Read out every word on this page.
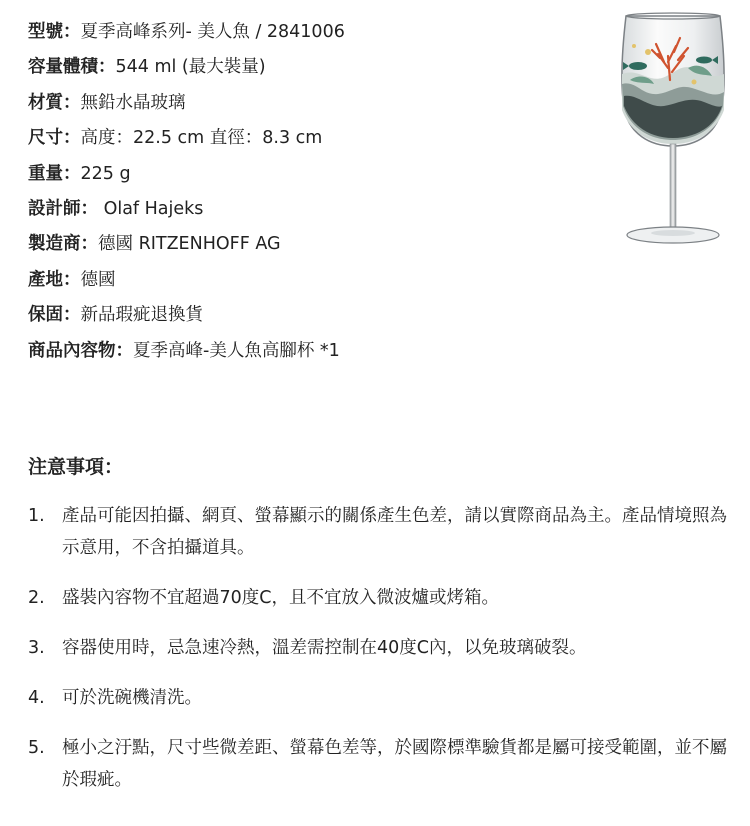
型號：夏季高峰系列- 美人魚 / 2841006
容量體積：544 ml (最大裝量)
材質：無鉛水晶玻璃
尺寸：高度：22.5 cm 直徑：8.3 cm
重量：225 g
設計師： Olaf Hajeks
製造商：德國 RITZENHOFF AG
產地：德國
保固：新品瑕疵退換貨
商品內容物：夏季高峰-美人魚高腳杯 *1
注意事項：
1. 產品可能因拍攝、網頁、螢幕顯示的關係產生色差，請以實際商品為主。產品情境照為示意用，不含拍攝道具。
2. 盛裝內容物不宜超過70度C，且不宜放入微波爐或烤箱。
3. 容器使用時，忌急速冷熱，溫差需控制在40度C內，以免玻璃破裂。
4. 可於洗碗機清洗。
5. 極小之汙點，尺寸些微差距、螢幕色差等，於國際標準驗貨都是屬可接受範圍，並不屬於瑕疵。
